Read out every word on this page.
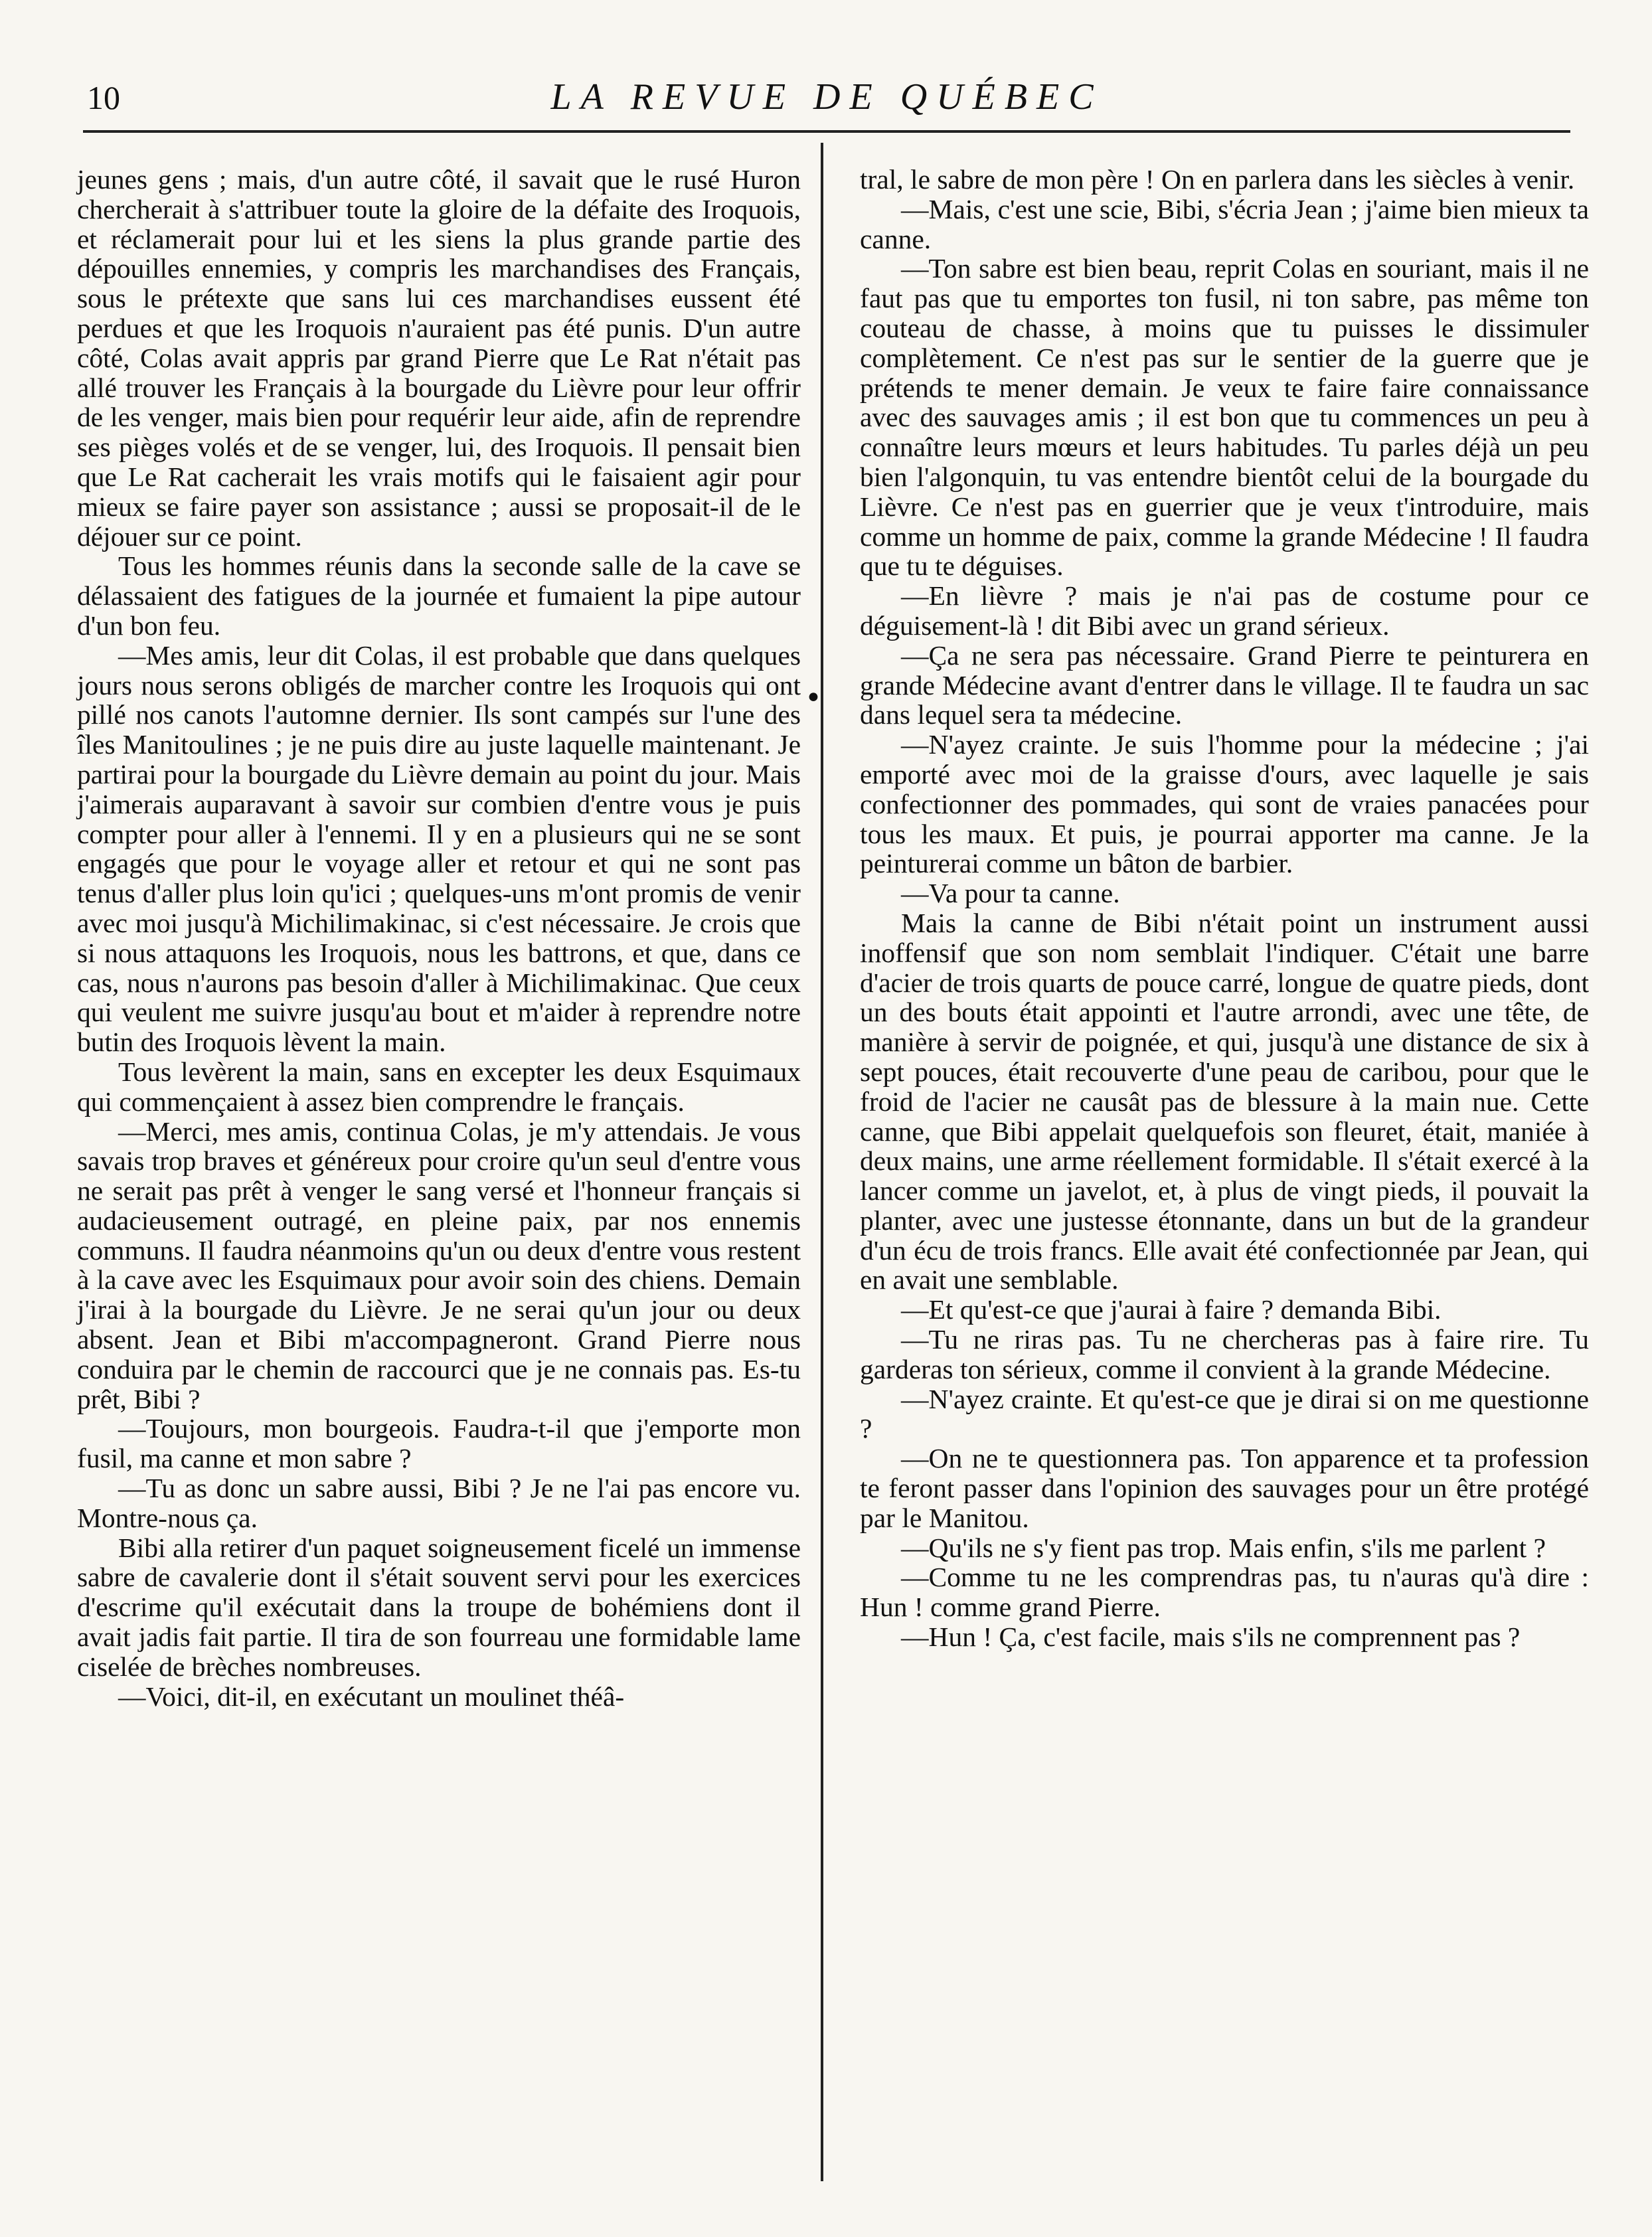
10	LA REVUE DE QUÉBEC
•

jeunes gens ; mais, d'un autre côté, il savait que le rusé Huron chercherait à s'attribuer toute la gloire de la défaite des Iroquois, et réclamerait pour lui et les siens la plus grande partie des dépouilles ennemies, y compris les marchandises des Français, sous le prétexte que sans lui ces marchandises eussent été perdues et que les Iroquois n'auraient pas été punis. D'un autre côté, Colas avait appris par grand Pierre que Le Rat n'était pas allé trouver les Français à la bourgade du Lièvre pour leur offrir de les venger, mais bien pour requérir leur aide, afin de reprendre ses pièges volés et de se venger, lui, des Iroquois. Il pensait bien que Le Rat cacherait les vrais motifs qui le faisaient agir pour mieux se faire payer son assistance ; aussi se proposait-il de le déjouer sur ce point.

Tous les hommes réunis dans la seconde salle de la cave se délassaient des fatigues de la journée et fumaient la pipe autour d'un bon feu.

—Mes amis, leur dit Colas, il est probable que dans quelques jours nous serons obligés de marcher contre les Iroquois qui ont pillé nos canots l'automne dernier. Ils sont campés sur l'une des îles Manitoulines ; je ne puis dire au juste laquelle maintenant. Je partirai pour la bourgade du Lièvre demain au point du jour. Mais j'aimerais auparavant à savoir sur combien d'entre vous je puis compter pour aller à l'ennemi. Il y en a plusieurs qui ne se sont engagés que pour le voyage aller et retour et qui ne sont pas tenus d'aller plus loin qu'ici ; quelques-uns m'ont promis de venir avec moi jusqu'à Michilimakinac, si c'est nécessaire. Je crois que si nous attaquons les Iroquois, nous les battrons, et que, dans ce cas, nous n'aurons pas besoin d'aller à Michilimakinac. Que ceux qui veulent me suivre jusqu'au bout et m'aider à reprendre notre butin des Iroquois lèvent la main.

Tous levèrent la main, sans en excepter les deux Esquimaux qui commençaient à assez bien comprendre le français.

—Merci, mes amis, continua Colas, je m'y attendais. Je vous savais trop braves et généreux pour croire qu'un seul d'entre vous ne serait pas prêt à venger le sang versé et l'honneur français si audacieusement outragé, en pleine paix, par nos ennemis communs. Il faudra néanmoins qu'un ou deux d'entre vous restent à la cave avec les Esquimaux pour avoir soin des chiens. Demain j'irai à la bourgade du Lièvre. Je ne serai qu'un jour ou deux absent. Jean et Bibi m'accompagneront. Grand Pierre nous conduira par le chemin de raccourci que je ne connais pas. Es-tu prêt, Bibi ?

—Toujours, mon bourgeois. Faudra-t-il que j'emporte mon fusil, ma canne et mon sabre ?

—Tu as donc un sabre aussi, Bibi ? Je ne l'ai pas encore vu. Montre-nous ça.

Bibi alla retirer d'un paquet soigneusement ficelé un immense sabre de cavalerie dont il s'était souvent servi pour les exercices d'escrime qu'il exécutait dans la troupe de bohémiens dont il avait jadis fait partie. Il tira de son fourreau une formidable lame ciselée de brèches nombreuses.

—Voici, dit-il, en exécutant un moulinet théâ-

tral, le sabre de mon père ! On en parlera dans les siècles à venir.

—Mais, c'est une scie, Bibi, s'écria Jean ; j'aime bien mieux ta canne.

—Ton sabre est bien beau, reprit Colas en souriant, mais il ne faut pas que tu emportes ton fusil, ni ton sabre, pas même ton couteau de chasse, à moins que tu puisses le dissimuler complètement. Ce n'est pas sur le sentier de la guerre que je prétends te mener demain. Je veux te faire faire connaissance avec des sauvages amis ; il est bon que tu commences un peu à connaître leurs mœurs et leurs habitudes. Tu parles déjà un peu bien l'algonquin, tu vas entendre bientôt celui de la bourgade du Lièvre. Ce n'est pas en guerrier que je veux t'introduire, mais comme un homme de paix, comme la grande Médecine ! Il faudra que tu te déguises.

—En lièvre ? mais je n'ai pas de costume pour ce déguisement-là ! dit Bibi avec un grand sérieux.

—Ça ne sera pas nécessaire. Grand Pierre te peinturera en grande Médecine avant d'entrer dans le village. Il te faudra un sac dans lequel sera ta médecine.

—N'ayez crainte. Je suis l'homme pour la médecine ; j'ai emporté avec moi de la graisse d'ours, avec laquelle je sais confectionner des pommades, qui sont de vraies panacées pour tous les maux. Et puis, je pourrai apporter ma canne. Je la peinturerai comme un bâton de barbier.

—Va pour ta canne.

Mais la canne de Bibi n'était point un instrument aussi inoffensif que son nom semblait l'indiquer. C'était une barre d'acier de trois quarts de pouce carré, longue de quatre pieds, dont un des bouts était appointi et l'autre arrondi, avec une tête, de manière à servir de poignée, et qui, jusqu'à une distance de six à sept pouces, était recouverte d'une peau de caribou, pour que le froid de l'acier ne causât pas de blessure à la main nue. Cette canne, que Bibi appelait quelquefois son fleuret, était, maniée à deux mains, une arme réellement formidable. Il s'était exercé à la lancer comme un javelot, et, à plus de vingt pieds, il pouvait la planter, avec une justesse étonnante, dans un but de la grandeur d'un écu de trois francs. Elle avait été confectionnée par Jean, qui en avait une semblable.

—Et qu'est-ce que j'aurai à faire ? demanda Bibi.

—Tu ne riras pas. Tu ne chercheras pas à faire rire. Tu garderas ton sérieux, comme il convient à la grande Médecine.

—N'ayez crainte. Et qu'est-ce que je dirai si on me questionne ?

—On ne te questionnera pas. Ton apparence et ta profession te feront passer dans l'opinion des sauvages pour un être protégé par le Manitou.

—Qu'ils ne s'y fient pas trop. Mais enfin, s'ils me parlent ?

—Comme tu ne les comprendras pas, tu n'auras qu'à dire : Hun ! comme grand Pierre.

—Hun ! Ça, c'est facile, mais s'ils ne comprennent pas ?
